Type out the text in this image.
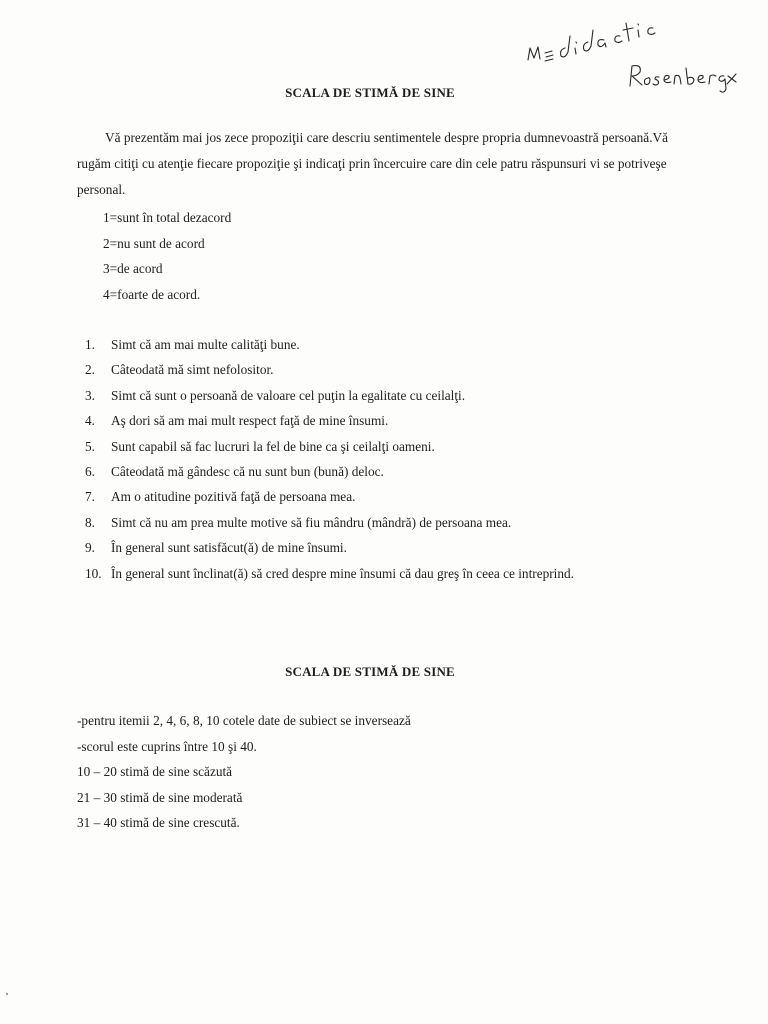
SCALA DE STIMĂ DE SINE

Vă prezentăm mai jos zece propoziţii care descriu sentimentele despre propria dumnevoastră persoană.Vă rugăm citiţi cu atenţie fiecare propoziţie şi indicaţi prin încercuire care din cele patru răspunsuri vi se potriveşe personal.

1=sunt în total dezacord
2=nu sunt de acord
3=de acord
4=foarte de acord.
1. Simt că am mai multe calităţi bune.
2. Câteodată mă simt nefolositor.
3. Simt că sunt o persoană de valoare cel puţin la egalitate cu ceilalţi.
4. Aş dori să am mai mult respect faţă de mine însumi.
5. Sunt capabil să fac lucruri la fel de bine ca şi ceilalţi oameni.
6. Câteodată mă gândesc că nu sunt bun (bună) deloc.
7. Am o atitudine pozitivă faţă de persoana mea.
8. Simt că nu am prea multe motive să fiu mândru (mândră) de persoana mea.
9. În general sunt satisfăcut(ă) de mine însumi.
10. În general sunt înclinat(ă) să cred despre mine însumi că dau greş în ceea ce intreprind.
SCALA DE STIMĂ DE SINE
-pentru itemii 2, 4, 6, 8, 10 cotele date de subiect se inversează
-scorul este cuprins între 10 şi 40.
10 – 20 stimă de sine scăzută
21 – 30 stimă de sine moderată
31 – 40 stimă de sine crescută.
